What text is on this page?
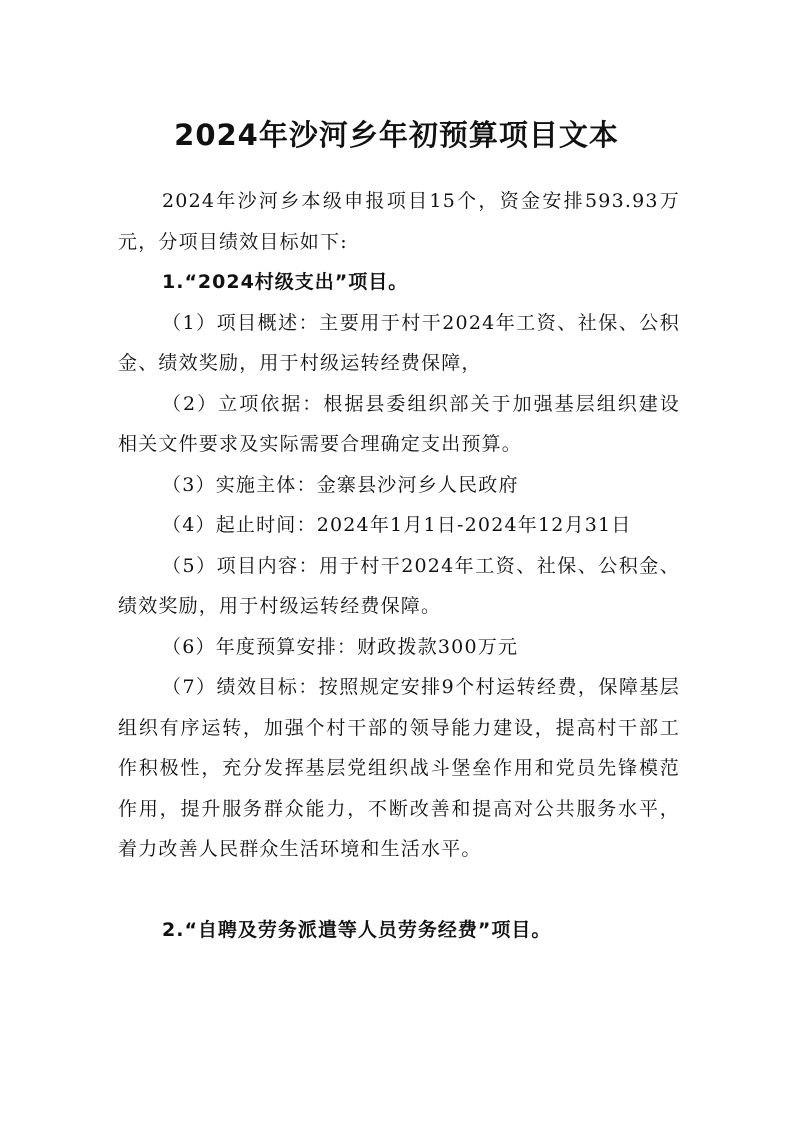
2024年沙河乡年初预算项目文本

2024年沙河乡本级申报项目15个，资金安排593.93万元，分项目绩效目标如下:

1.“2024村级支出”项目。

（1）项目概述：主要用于村干2024年工资、社保、公积金、绩效奖励，用于村级运转经费保障，

（2）立项依据：根据县委组织部关于加强基层组织建设相关文件要求及实际需要合理确定支出预算。

（3）实施主体：金寨县沙河乡人民政府

（4）起止时间：2024年1月1日-2024年12月31日

（5）项目内容：用于村干2024年工资、社保、公积金、绩效奖励，用于村级运转经费保障。

（6）年度预算安排：财政拨款300万元

（7）绩效目标：按照规定安排9个村运转经费，保障基层组织有序运转，加强个村干部的领导能力建设，提高村干部工作积极性，充分发挥基层党组织战斗堡垒作用和党员先锋模范作用，提升服务群众能力，不断改善和提高对公共服务水平，着力改善人民群众生活环境和生活水平。

2.“自聘及劳务派遣等人员劳务经费”项目。
